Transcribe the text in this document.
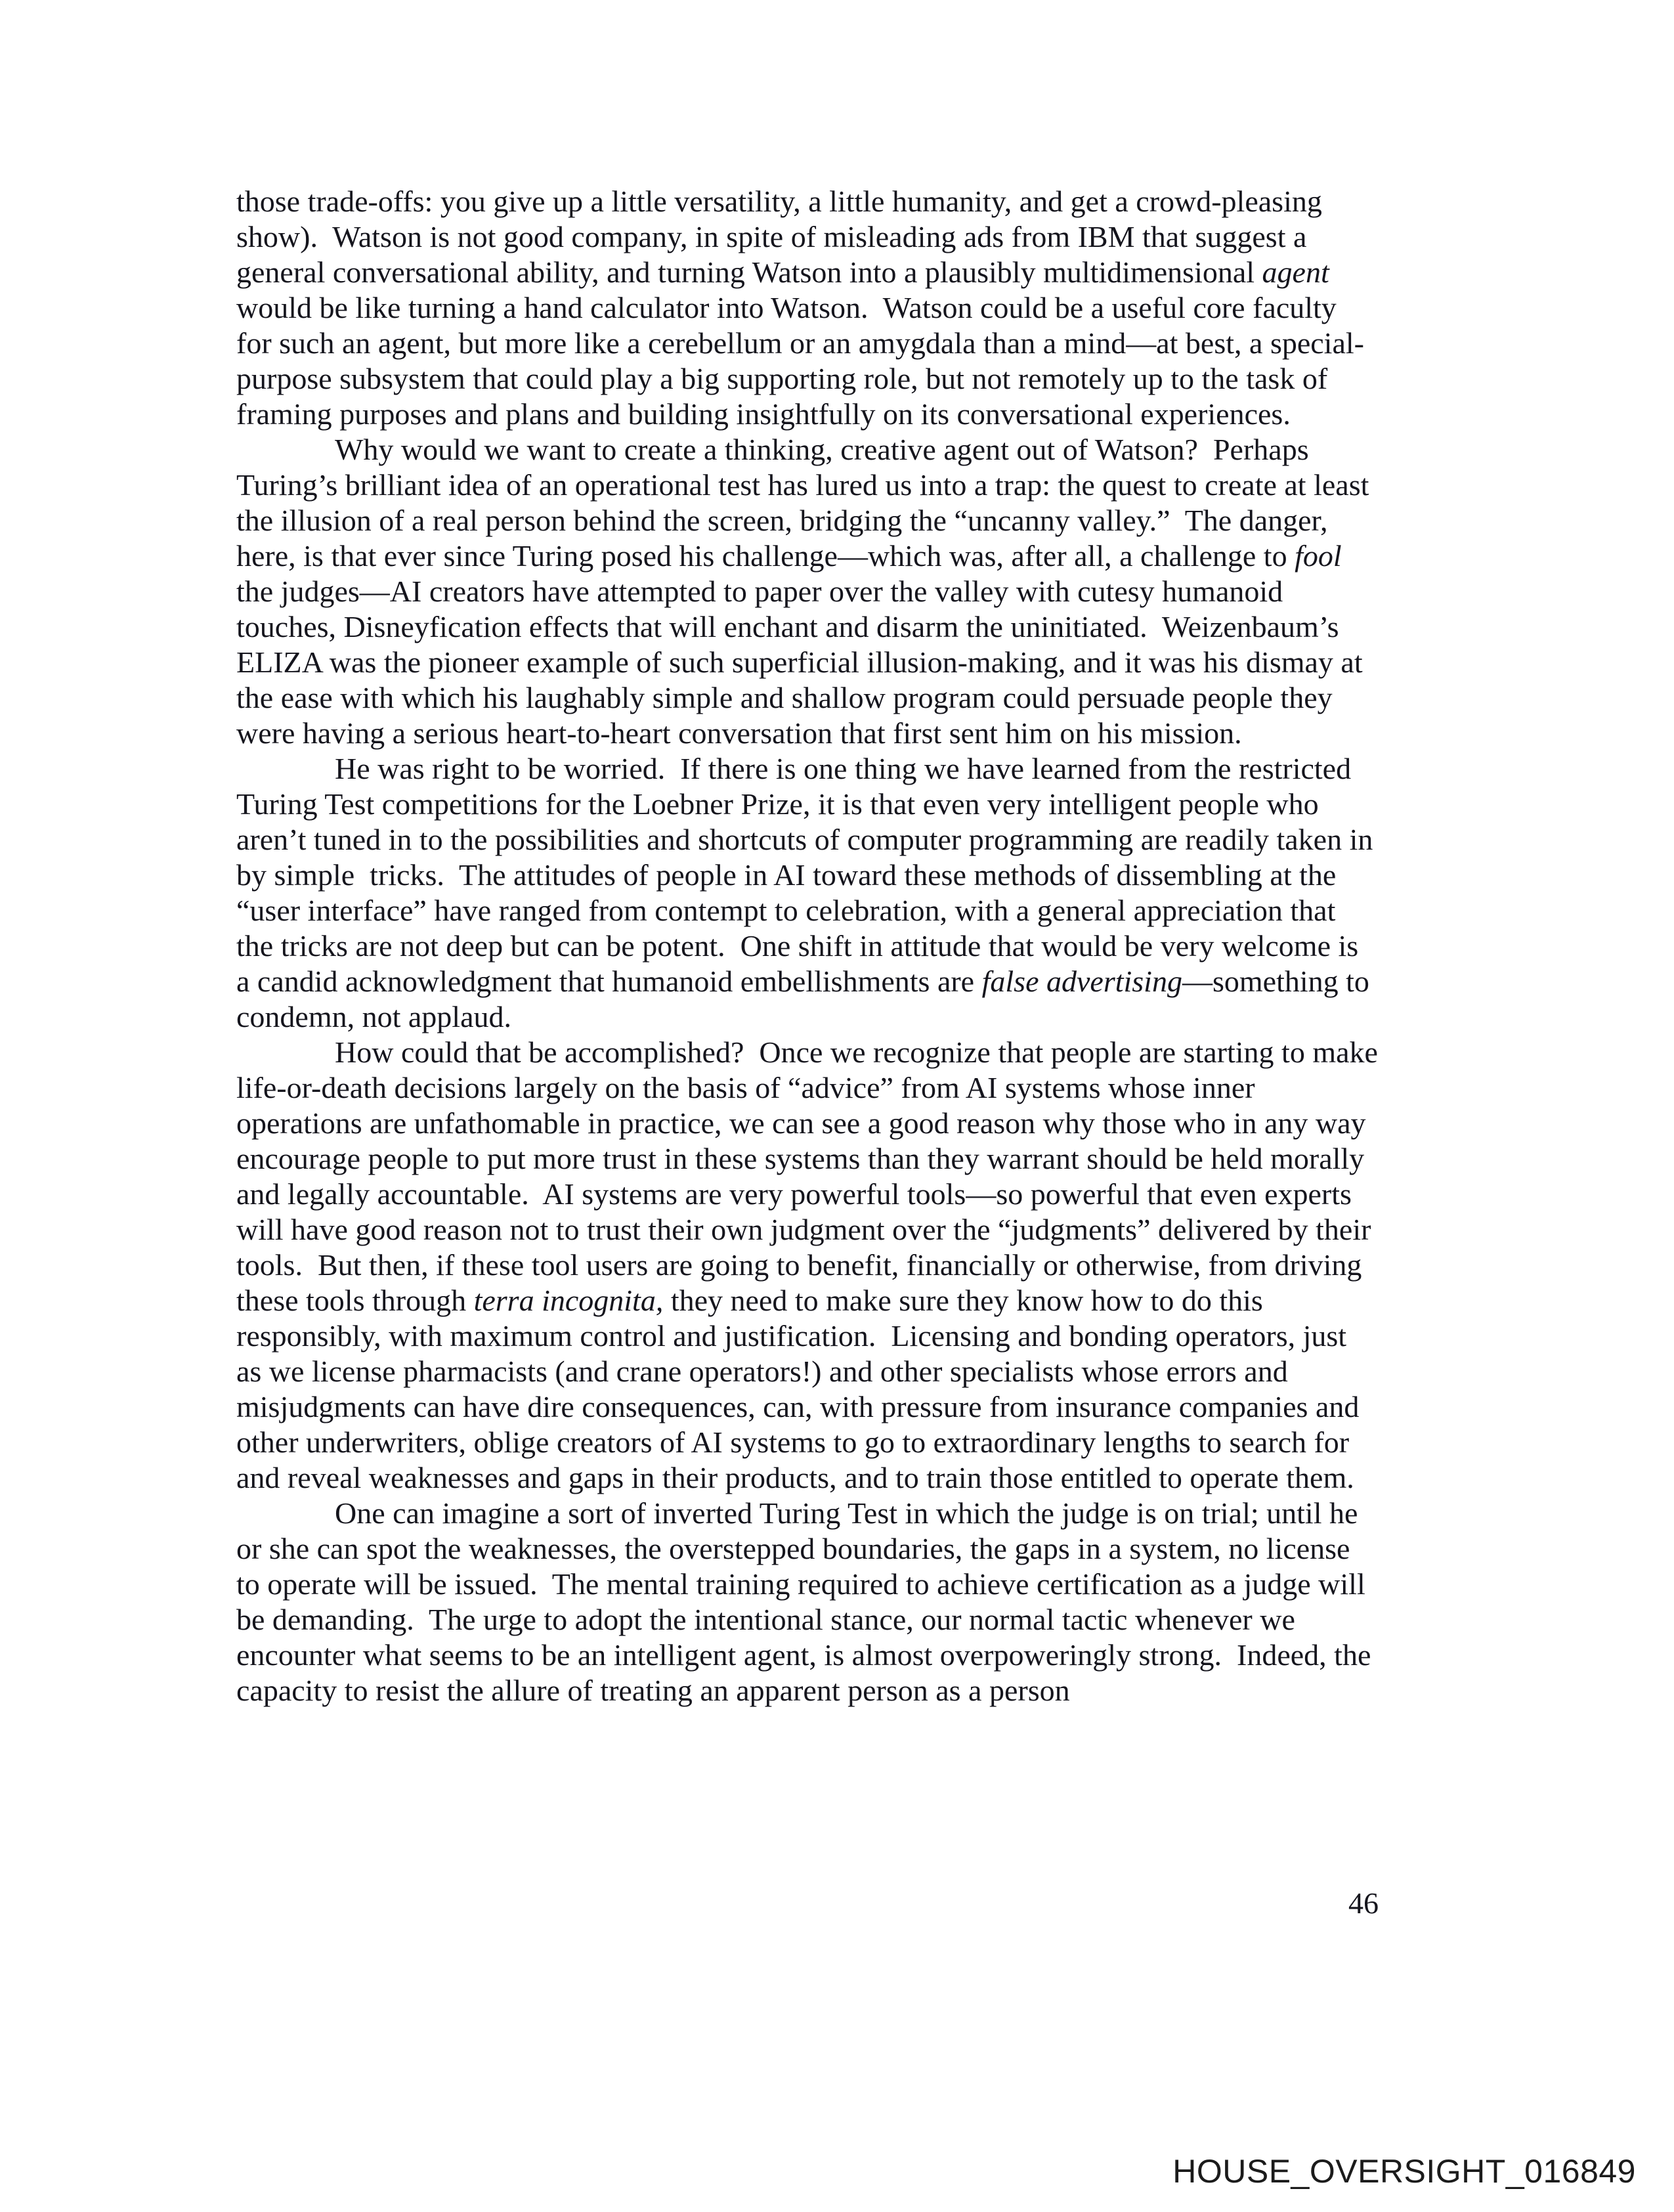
those trade-offs: you give up a little versatility, a little humanity, and get a crowd-pleasing show).  Watson is not good company, in spite of misleading ads from IBM that suggest a general conversational ability, and turning Watson into a plausibly multidimensional agent would be like turning a hand calculator into Watson.  Watson could be a useful core faculty for such an agent, but more like a cerebellum or an amygdala than a mind—at best, a special-purpose subsystem that could play a big supporting role, but not remotely up to the task of framing purposes and plans and building insightfully on its conversational experiences.

Why would we want to create a thinking, creative agent out of Watson?  Perhaps Turing’s brilliant idea of an operational test has lured us into a trap: the quest to create at least the illusion of a real person behind the screen, bridging the “uncanny valley.”  The danger, here, is that ever since Turing posed his challenge—which was, after all, a challenge to fool the judges—AI creators have attempted to paper over the valley with cutesy humanoid touches, Disneyfication effects that will enchant and disarm the uninitiated.  Weizenbaum’s ELIZA was the pioneer example of such superficial illusion-making, and it was his dismay at the ease with which his laughably simple and shallow program could persuade people they were having a serious heart-to-heart conversation that first sent him on his mission.

He was right to be worried.  If there is one thing we have learned from the restricted Turing Test competitions for the Loebner Prize, it is that even very intelligent people who aren’t tuned in to the possibilities and shortcuts of computer programming are readily taken in by simple  tricks.  The attitudes of people in AI toward these methods of dissembling at the “user interface” have ranged from contempt to celebration, with a general appreciation that the tricks are not deep but can be potent.  One shift in attitude that would be very welcome is a candid acknowledgment that humanoid embellishments are false advertising—something to condemn, not applaud.

How could that be accomplished?  Once we recognize that people are starting to make life-or-death decisions largely on the basis of “advice” from AI systems whose inner operations are unfathomable in practice, we can see a good reason why those who in any way encourage people to put more trust in these systems than they warrant should be held morally and legally accountable.  AI systems are very powerful tools—so powerful that even experts will have good reason not to trust their own judgment over the “judgments” delivered by their tools.  But then, if these tool users are going to benefit, financially or otherwise, from driving these tools through terra incognita, they need to make sure they know how to do this responsibly, with maximum control and justification.  Licensing and bonding operators, just as we license pharmacists (and crane operators!) and other specialists whose errors and misjudgments can have dire consequences, can, with pressure from insurance companies and other underwriters, oblige creators of AI systems to go to extraordinary lengths to search for and reveal weaknesses and gaps in their products, and to train those entitled to operate them.

One can imagine a sort of inverted Turing Test in which the judge is on trial; until he or she can spot the weaknesses, the overstepped boundaries, the gaps in a system, no license to operate will be issued.  The mental training required to achieve certification as a judge will be demanding.  The urge to adopt the intentional stance, our normal tactic whenever we encounter what seems to be an intelligent agent, is almost overpoweringly strong.  Indeed, the capacity to resist the allure of treating an apparent person as a person

46
HOUSE_OVERSIGHT_016849
